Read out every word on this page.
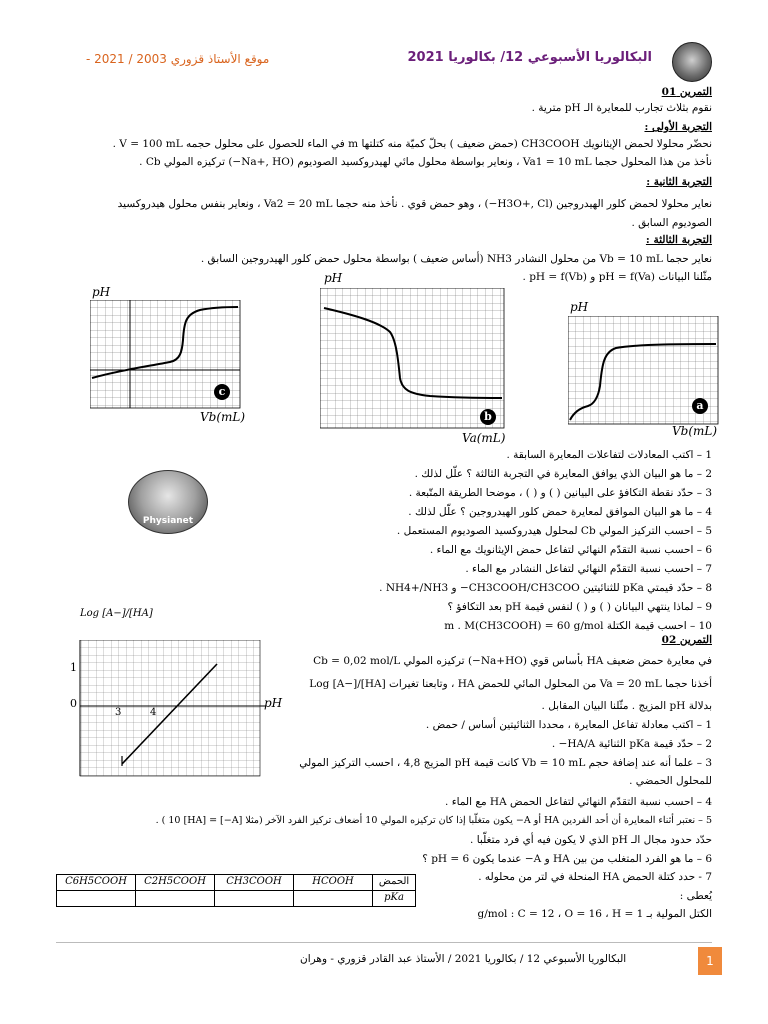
- موقع الأستاذ قزوري 2003 / 2021	البكالوريا الأسبوعي 12/ بكالوريا 2021
التمرين 01
نقوم بثلاث تجارب للمعايرة الـ pH مترية .
التجربة الأولى :
نحضّر محلولا لحمض الإيثانويك CH3COOH (حمض ضعيف ) بحلّ كميّة منه كتلتها m في الماء للحصول على محلول حجمه V = 100 mL .
نأخذ من هذا المحلول حجما Va1 = 10 mL ، ونعاير بواسطة محلول مائي لهيدروكسيد الصوديوم (Na+, HO−) تركيزه المولي Cb .
التجربة الثانية :
نعاير محلولا لحمض كلور الهيدروجين (H3O+, Cl−) ، وهو حمض قوي . نأخذ منه حجما Va2 = 20 mL ، ونعاير بنفس محلول هيدروكسيد
الصوديوم السابق .
التجربة الثالثة :
نعاير حجما Vb = 10 mL من محلول النشادر NH3 (أساس ضعيف ) بواسطة محلول حمض كلور الهيدروجين السابق .
مثّلنا البيانات pH = f(Va) و pH = f(Vb) .
pH
c
Vb(mL)
pH
b
Va(mL)
pH
a
Vb(mL)
1 – اكتب المعادلات لتفاعلات المعايرة السابقة .
2 – ما هو البيان الذي يوافق المعايرة في التجربة الثالثة ؟ علّل لذلك .
3 – حدّد نقطة التكافؤ على البيانين ( ) و ( ) ، موضحا الطريقة المتّبعة .
4 – ما هو البيان الموافق لمعايرة حمض كلور الهيدروجين ؟ علّل لذلك .
5 – احسب التركيز المولي Cb لمحلول هيدروكسيد الصوديوم المستعمل .
6 – احسب نسبة التقدّم النهائي لتفاعل حمض الإيثانويك مع الماء .
7 – احسب نسبة التقدّم النهائي لتفاعل النشادر مع الماء .
8 – حدّد قيمتي pKa للثنائيتين CH3COOH/CH3COO− و NH4+/NH3 .
9 – لماذا ينتهي البيانان ( ) و ( ) لنفس قيمة pH بعد التكافؤ ؟
10 – احسب قيمة الكتلة m . M(CH3COOH) = 60 g/mol
Physianet
التمرين 02
في معايرة حمض ضعيف HA بأساس قوي (Na+HO−) تركيزه المولي Cb = 0,02 mol/L
أخذنا حجما Va = 20 mL من المحلول المائي للحمض HA ، وتابعنا تغيرات Log [A−]/[HA]
بدلالة pH المزيج . مثّلنا البيان المقابل .
Log [A−]/[HA]
1
0
3	4
pH
1 – اكتب معادلة تفاعل المعايرة ، محددا الثنائيتين أساس / حمض .
2 – حدّد قيمة pKa الثنائية HA/A− .
3 – علما أنه عند إضافة حجم Vb = 10 mL كانت قيمة pH المزيج 4,8 ، احسب التركيز المولي
للمحلول الحمضي .
4 – احسب نسبة التقدّم النهائي لتفاعل الحمض HA مع الماء .
5 – نعتبر أثناء المعايرة أن أحد الفردين HA أو A− يكون متغلّبا إذا كان تركيزه المولي 10 أضعاف تركيز الفرد الآخر (مثلا [A−] = 10 [HA] ) .
حدّد حدود مجال الـ pH الذي لا يكون فيه أي فرد متغلّبا .
6 – ما هو الفرد المتغلب من بين HA و A− عندما يكون pH = 6 ؟
7 - حدد كتلة الحمض HA المنحلة في لتر من محلوله .
يُعطى :
الكتل المولية بـ g/mol : C = 12 ، O = 16 ، H = 1
C6H5COOH	C2H5COOH	CH3COOH	HCOOH	الحمض
				pKa
البكالوريا الأسبوعي 12 / بكالوريا 2021 / الأستاذ عبد القادر قزوري - وهران	1
